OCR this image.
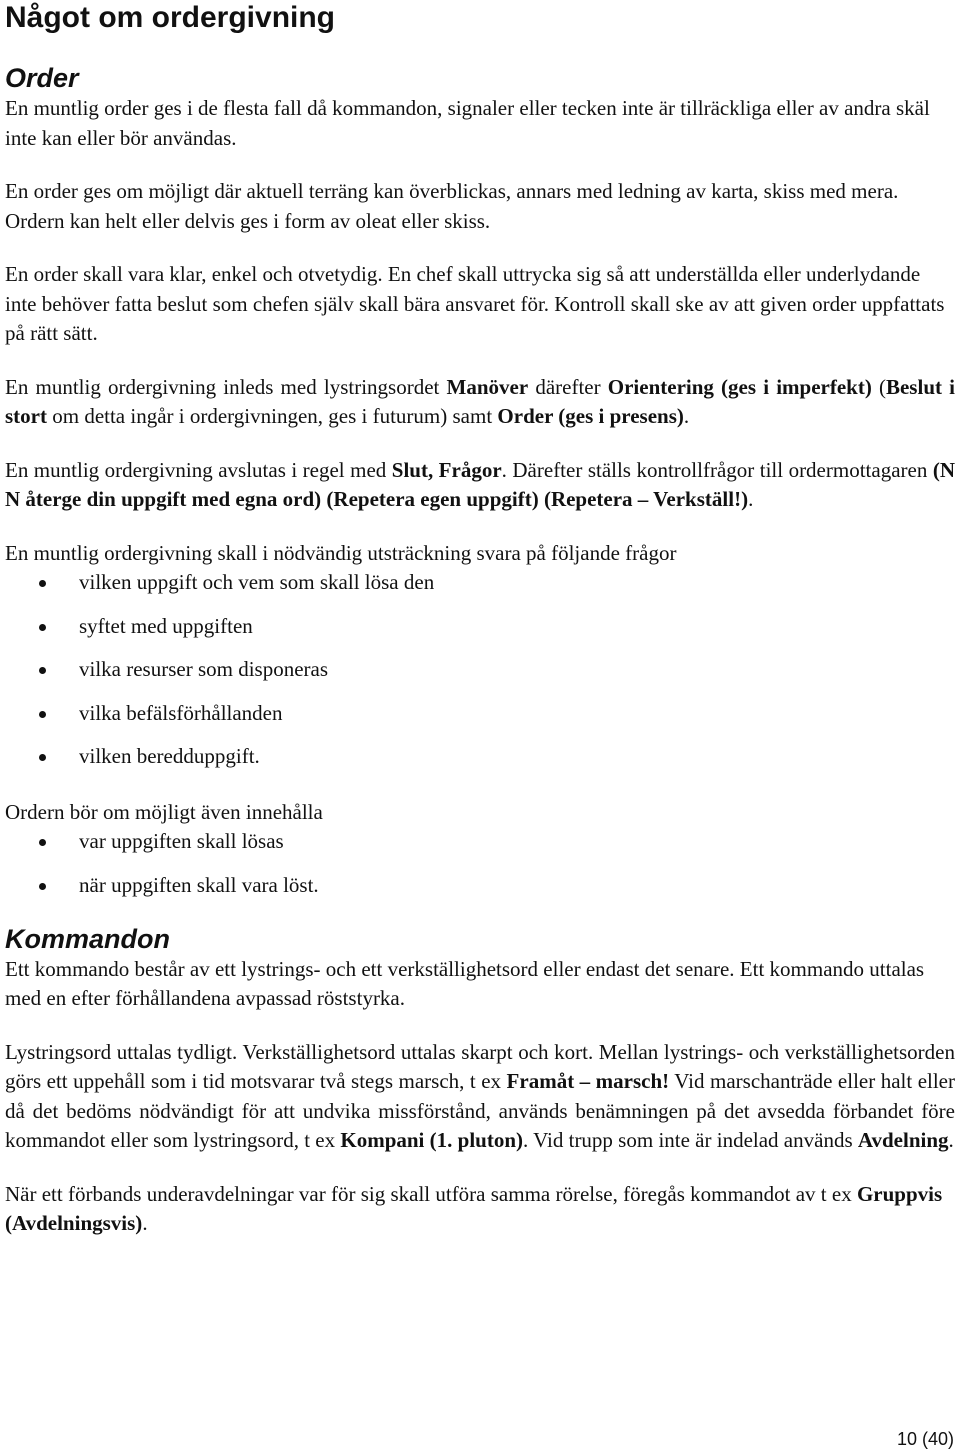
Något om ordergivning
Order

En muntlig order ges i de flesta fall då kommandon, signaler eller tecken inte är tillräckliga eller av andra skäl inte kan eller bör användas.

En order ges om möjligt där aktuell terräng kan överblickas, annars med ledning av karta, skiss med mera. Ordern kan helt eller delvis ges i form av oleat eller skiss.

En order skall vara klar, enkel och otvetydig. En chef skall uttrycka sig så att underställda eller underlydande inte behöver fatta beslut som chefen själv skall bära ansvaret för. Kontroll skall ske av att given order uppfattats på rätt sätt.

En muntlig ordergivning inleds med lystringsordet Manöver därefter Orientering (ges i imperfekt) (Beslut i stort om detta ingår i ordergivningen, ges i futurum) samt Order (ges i presens).

En muntlig ordergivning avslutas i regel med Slut, Frågor. Därefter ställs kontrollfrågor till ordermottagaren (N N återge din uppgift med egna ord) (Repetera egen uppgift) (Repetera – Verkställ!).

En muntlig ordergivning skall i nödvändig utsträckning svara på följande frågor

vilken uppgift och vem som skall lösa den
syftet med uppgiften
vilka resurser som disponeras
vilka befälsförhållanden
vilken beredduppgift.

Ordern bör om möjligt även innehålla

var uppgiften skall lösas
när uppgiften skall vara löst.
Kommandon

Ett kommando består av ett lystrings- och ett verkställighetsord eller endast det senare. Ett kommando uttalas med en efter förhållandena avpassad röststyrka.

Lystringsord uttalas tydligt. Verkställighetsord uttalas skarpt och kort. Mellan lystrings- och verkställighetsorden görs ett uppehåll som i tid motsvarar två stegs marsch, t ex Framåt – marsch! Vid marschanträde eller halt eller då det bedöms nödvändigt för att undvika missförstånd, används benämningen på det avsedda förbandet före kommandot eller som lystringsord, t ex Kompani (1. pluton). Vid trupp som inte är indelad används Avdelning.

När ett förbands underavdelningar var för sig skall utföra samma rörelse, föregås kommandot av t ex Gruppvis (Avdelningsvis).

10 (40)
